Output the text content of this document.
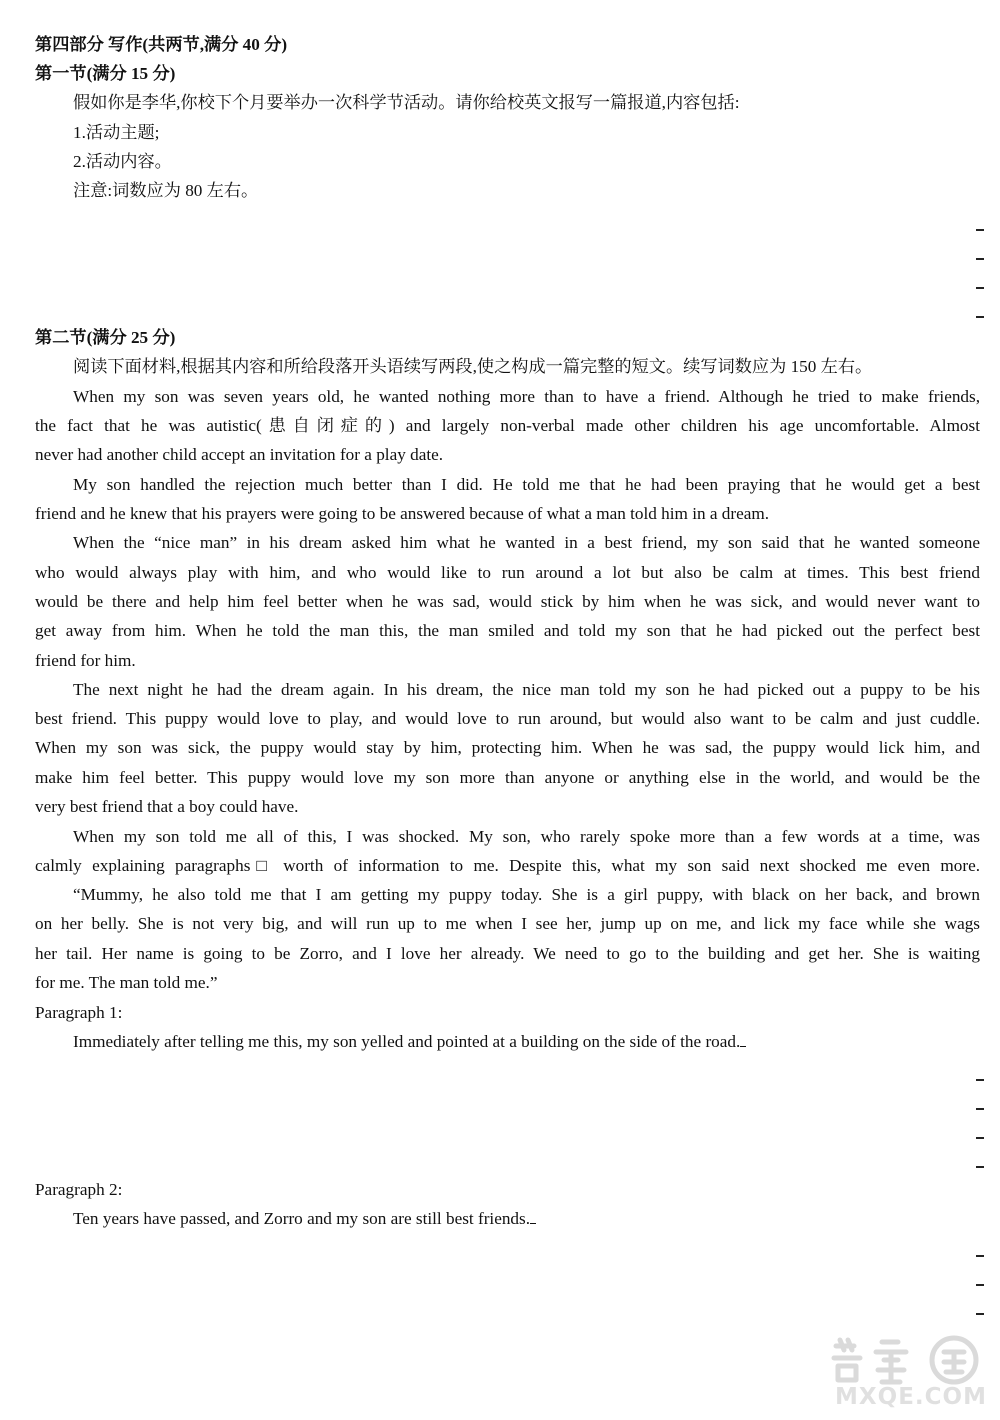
第四部分 写作(共两节,满分 40 分)
第一节(满分 15 分)
假如你是李华,你校下个月要举办一次科学节活动。请你给校英文报写一篇报道,内容包括:
1.活动主题;
2.活动内容。
注意:词数应为 80 左右。
第二节(满分 25 分)
阅读下面材料,根据其内容和所给段落开头语续写两段,使之构成一篇完整的短文。续写词数应为 150 左右。
When my son was seven years old, he wanted nothing more than to have a friend. Although he tried to make friends,
the fact that he was autistic(患自闭症的) and largely non-verbal made other children his age uncomfortable. Almost
never had another child accept an invitation for a play date.
My son handled the rejection much better than I did. He told me that he had been praying that he would get a best
friend and he knew that his prayers were going to be answered because of what a man told him in a dream.
When the “nice man” in his dream asked him what he wanted in a best friend, my son said that he wanted someone
who would always play with him, and who would like to run around a lot but also be calm at times. This best friend
would be there and help him feel better when he was sad, would stick by him when he was sick, and would never want to
get away from him. When he told the man this, the man smiled and told my son that he had picked out the perfect best
friend for him.
The next night he had the dream again. In his dream, the nice man told my son he had picked out a puppy to be his
best friend. This puppy would love to play, and would love to run around, but would also want to be calm and just cuddle.
When my son was sick, the puppy would stay by him, protecting him. When he was sad, the puppy would lick him, and
make him feel better. This puppy would love my son more than anyone or anything else in the world, and would be the
very best friend that a boy could have.
When my son told me all of this, I was shocked. My son, who rarely spoke more than a few words at a time, was
calmly explaining paragraphs□ worth of information to me. Despite this, what my son said next shocked me even more.
“Mummy, he also told me that I am getting my puppy today. She is a girl puppy, with black on her back, and brown
on her belly. She is not very big, and will run up to me when I see her, jump up on me, and lick my face while she wags
her tail. Her name is going to be Zorro, and I love her already. We need to go to the building and get her. She is waiting
for me. The man told me.”
Paragraph 1:
Immediately after telling me this, my son yelled and pointed at a building on the side of the road.
Paragraph 2:
Ten years have passed, and Zorro and my son are still best friends.
MXQE.COM
